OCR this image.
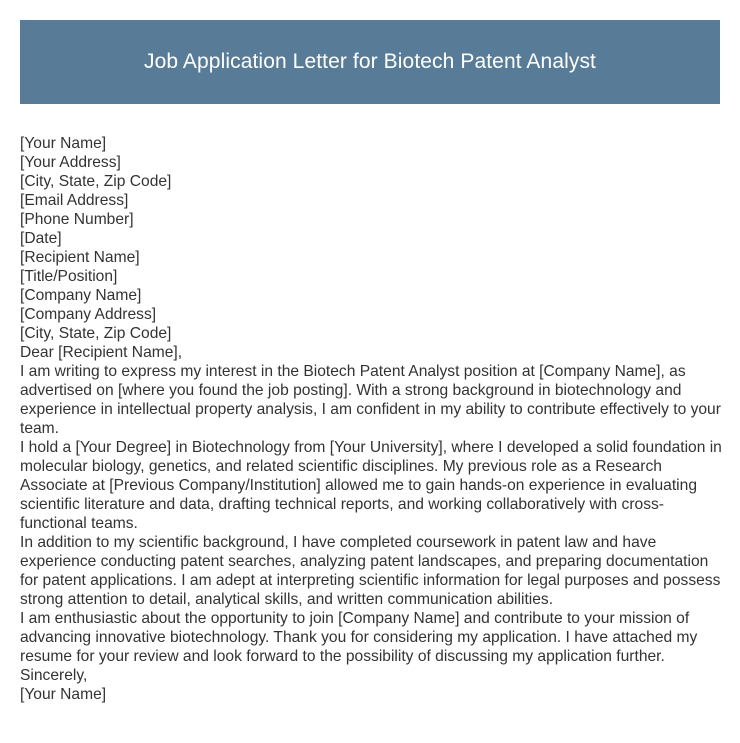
Job Application Letter for Biotech Patent Analyst

[Your Name]

[Your Address]

[City, State, Zip Code]

[Email Address]

[Phone Number]

[Date]

[Recipient Name]

[Title/Position]

[Company Name]

[Company Address]

[City, State, Zip Code]

Dear [Recipient Name],

I am writing to express my interest in the Biotech Patent Analyst position at [Company Name], as advertised on [where you found the job posting]. With a strong background in biotechnology and experience in intellectual property analysis, I am confident in my ability to contribute effectively to your team.

I hold a [Your Degree] in Biotechnology from [Your University], where I developed a solid foundation in molecular biology, genetics, and related scientific disciplines. My previous role as a Research Associate at [Previous Company/Institution] allowed me to gain hands-on experience in evaluating scientific literature and data, drafting technical reports, and working collaboratively with cross-functional teams.

In addition to my scientific background, I have completed coursework in patent law and have experience conducting patent searches, analyzing patent landscapes, and preparing documentation for patent applications. I am adept at interpreting scientific information for legal purposes and possess strong attention to detail, analytical skills, and written communication abilities.

I am enthusiastic about the opportunity to join [Company Name] and contribute to your mission of advancing innovative biotechnology. Thank you for considering my application. I have attached my resume for your review and look forward to the possibility of discussing my application further.

Sincerely,

[Your Name]
